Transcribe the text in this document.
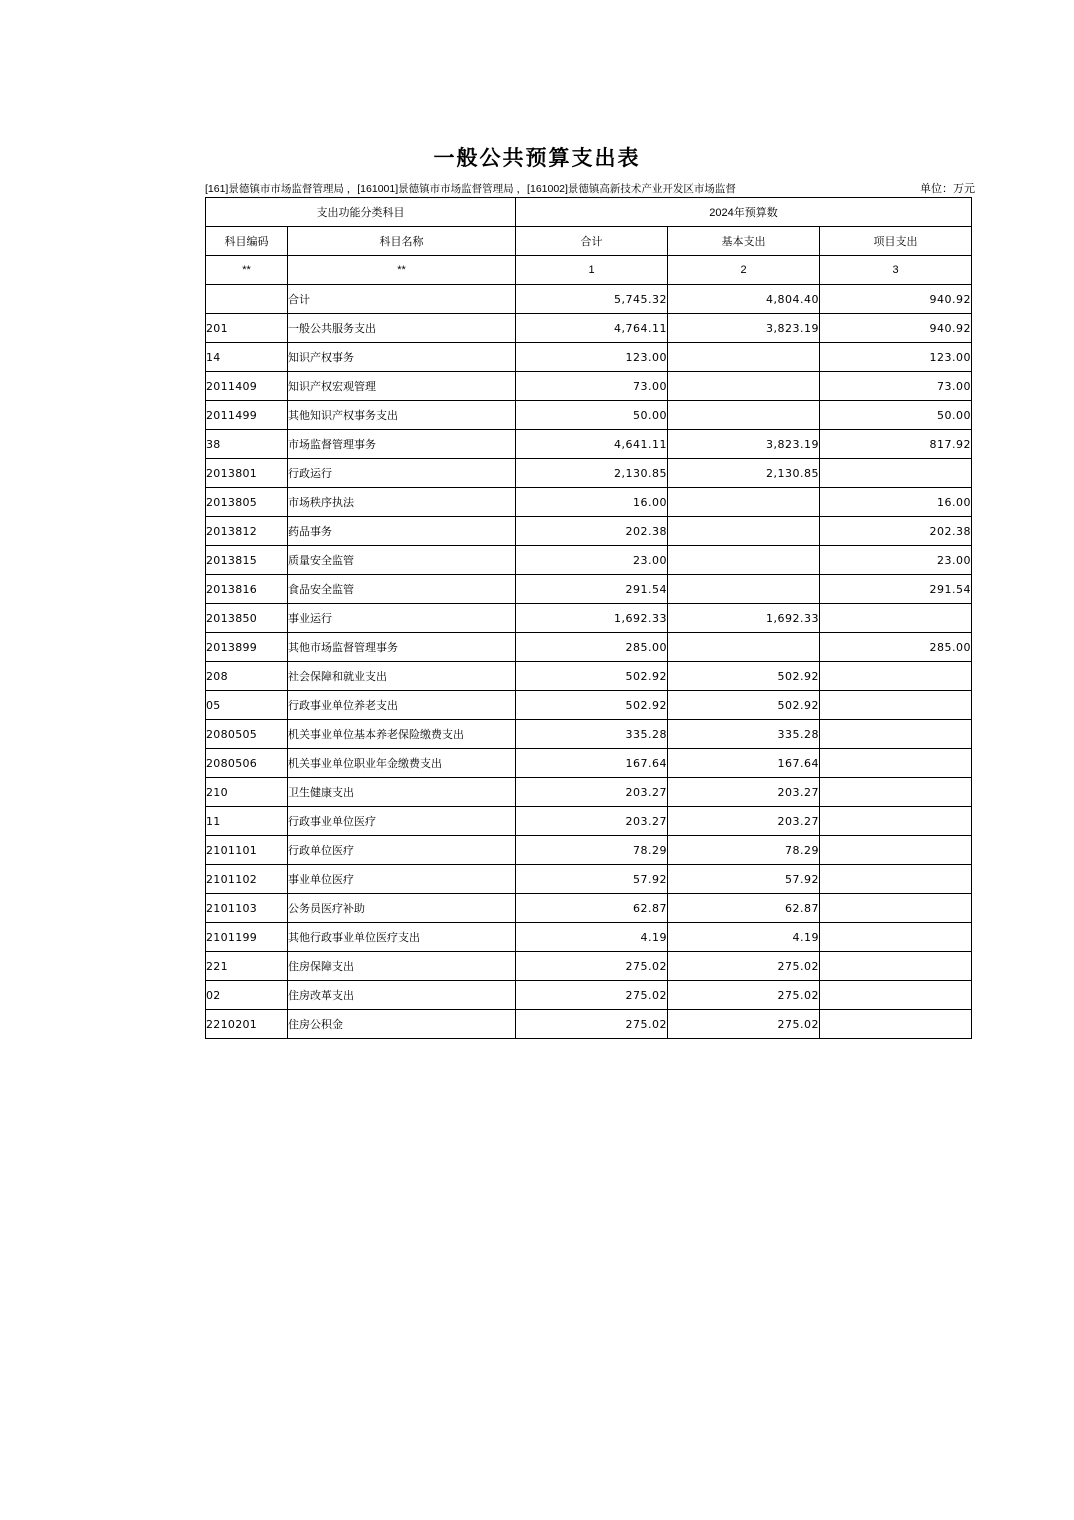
一般公共预算支出表
[161]景德镇市市场监督管理局 ，[161001]景德镇市市场监督管理局 ，[161002]景德镇高新技术产业开发区市场监督	单位：万元
支出功能分类科目		2024年预算数		
科目编码	科目名称	合计	基本支出	项目支出
**	**	1	2	3
	合计	5,745.32	4,804.40	940.92
201	一般公共服务支出	4,764.11	3,823.19	940.92
14	知识产权事务	123.00		123.00
2011409	知识产权宏观管理	73.00		73.00
2011499	其他知识产权事务支出	50.00		50.00
38	市场监督管理事务	4,641.11	3,823.19	817.92
2013801	行政运行	2,130.85	2,130.85	
2013805	市场秩序执法	16.00		16.00
2013812	药品事务	202.38		202.38
2013815	质量安全监管	23.00		23.00
2013816	食品安全监管	291.54		291.54
2013850	事业运行	1,692.33	1,692.33	
2013899	其他市场监督管理事务	285.00		285.00
208	社会保障和就业支出	502.92	502.92	
05	行政事业单位养老支出	502.92	502.92	
2080505	机关事业单位基本养老保险缴费支出	335.28	335.28	
2080506	机关事业单位职业年金缴费支出	167.64	167.64	
210	卫生健康支出	203.27	203.27	
11	行政事业单位医疗	203.27	203.27	
2101101	行政单位医疗	78.29	78.29	
2101102	事业单位医疗	57.92	57.92	
2101103	公务员医疗补助	62.87	62.87	
2101199	其他行政事业单位医疗支出	4.19	4.19	
221	住房保障支出	275.02	275.02	
02	住房改革支出	275.02	275.02	
2210201	住房公积金	275.02	275.02	
